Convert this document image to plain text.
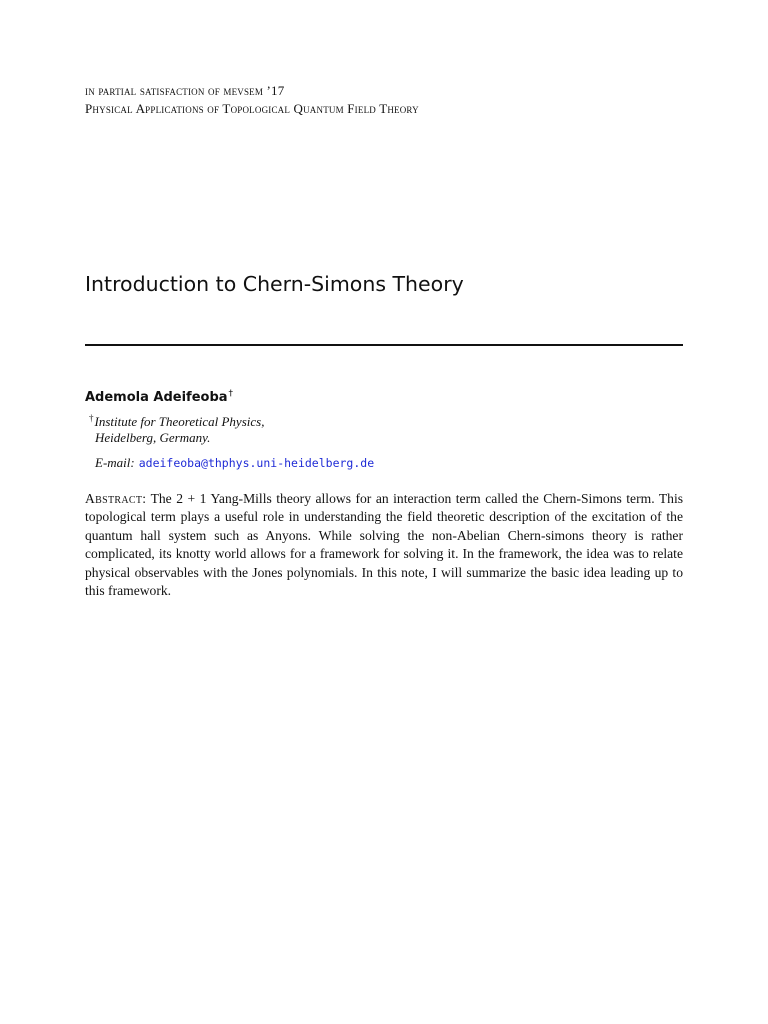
in partial satisfaction of mevsem ’17
Physical Applications of Topological Quantum Field Theory
Introduction to Chern-Simons Theory
Ademola Adeifeoba†
†Institute for Theoretical Physics,
Heidelberg, Germany.
E-mail: adeifeoba@thphys.uni-heidelberg.de

Abstract: The 2 + 1 Yang-Mills theory allows for an interaction term called the Chern-Simons term. This topological term plays a useful role in understanding the field theoretic description of the excitation of the quantum hall system such as Anyons. While solving the non-Abelian Chern-simons theory is rather complicated, its knotty world allows for a framework for solving it. In the framework, the idea was to relate physical observables with the Jones polynomials. In this note, I will summarize the basic idea leading up to this framework.
